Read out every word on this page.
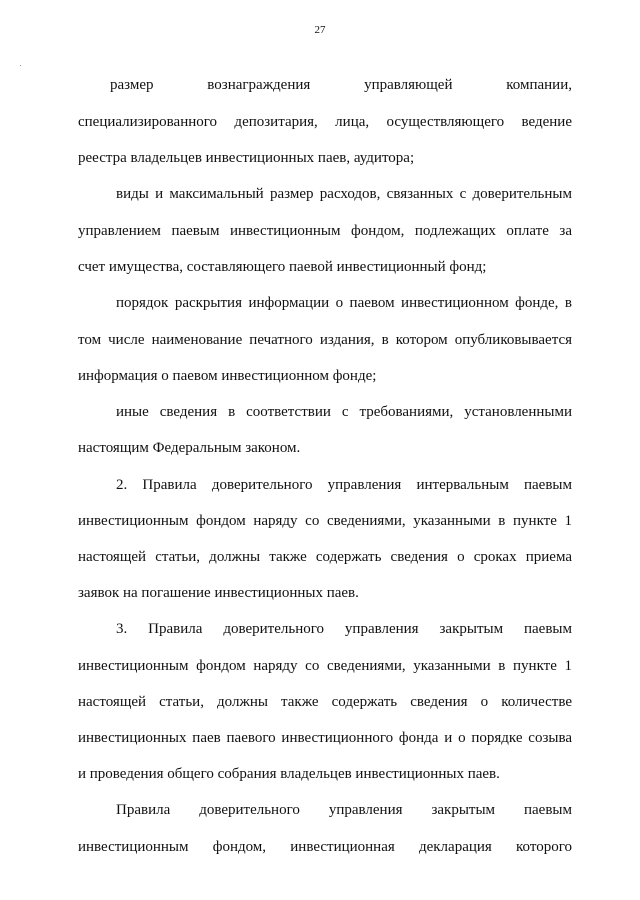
27
размер вознаграждения управляющей компании,
специализированного депозитария, лица, осуществляющего ведение
реестра владельцев инвестиционных паев, аудитора;
виды и максимальный размер расходов, связанных с доверительным
управлением паевым инвестиционным фондом, подлежащих оплате за
счет имущества, составляющего паевой инвестиционный фонд;
порядок раскрытия информации о паевом инвестиционном фонде, в
том числе наименование печатного издания, в котором опубликовывается
информация о паевом инвестиционном фонде;
иные сведения в соответствии с требованиями, установленными
настоящим Федеральным законом.
2. Правила доверительного управления интервальным паевым
инвестиционным фондом наряду со сведениями, указанными в пункте 1
настоящей статьи, должны также содержать сведения о сроках приема
заявок на погашение инвестиционных паев.
3. Правила доверительного управления закрытым паевым
инвестиционным фондом наряду со сведениями, указанными в пункте 1
настоящей статьи, должны также содержать сведения о количестве
инвестиционных паев паевого инвестиционного фонда и о порядке созыва
и проведения общего собрания владельцев инвестиционных паев.
Правила доверительного управления закрытым паевым
инвестиционным фондом, инвестиционная декларация которого
